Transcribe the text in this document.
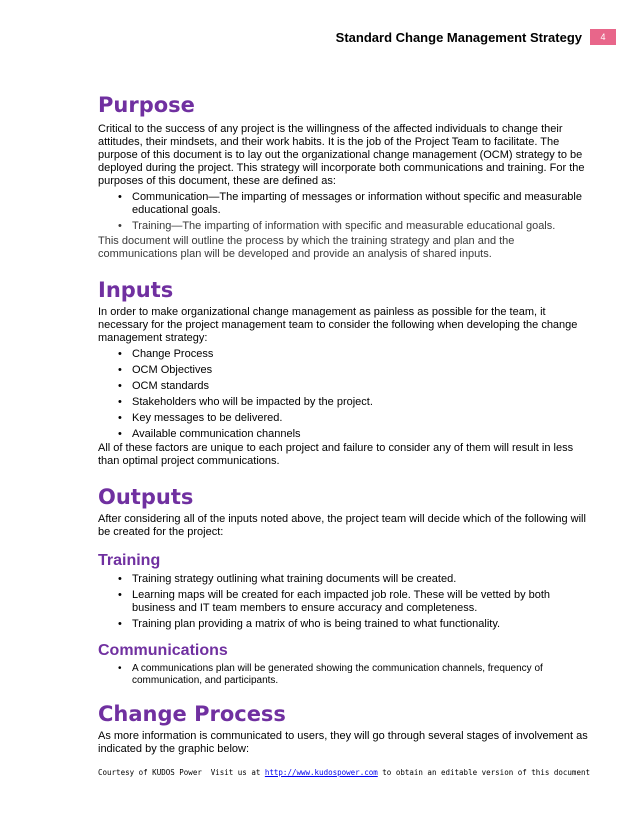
Standard Change Management Strategy	4
Purpose

Critical to the success of any project is the willingness of the affected individuals to change their attitudes, their mindsets, and their work habits. It is the job of the Project Team to facilitate. The purpose of this document is to lay out the organizational change management (OCM) strategy to be deployed during the project. This strategy will incorporate both communications and training. For the purposes of this document, these are defined as:

• Communication—The imparting of messages or information without specific and measurable educational goals.
• Training—The imparting of information with specific and measurable educational goals.

This document will outline the process by which the training strategy and plan and the communications plan will be developed and provide an analysis of shared inputs.

Inputs

In order to make organizational change management as painless as possible for the team, it necessary for the project management team to consider the following when developing the change management strategy:

• Change Process
• OCM Objectives
• OCM standards
• Stakeholders who will be impacted by the project.
• Key messages to be delivered.
• Available communication channels

All of these factors are unique to each project and failure to consider any of them will result in less than optimal project communications.

Outputs

After considering all of the inputs noted above, the project team will decide which of the following will be created for the project:

Training
• Training strategy outlining what training documents will be created.
• Learning maps will be created for each impacted job role. These will be vetted by both business and IT team members to ensure accuracy and completeness.
• Training plan providing a matrix of who is being trained to what functionality.
Communications
• A communications plan will be generated showing the communication channels, frequency of communication, and participants.
Change Process

As more information is communicated to users, they will go through several stages of involvement as indicated by the graphic below:

Courtesy of KUDOS Power Visit us at http://www.kudospower.com to obtain an editable version of this document
